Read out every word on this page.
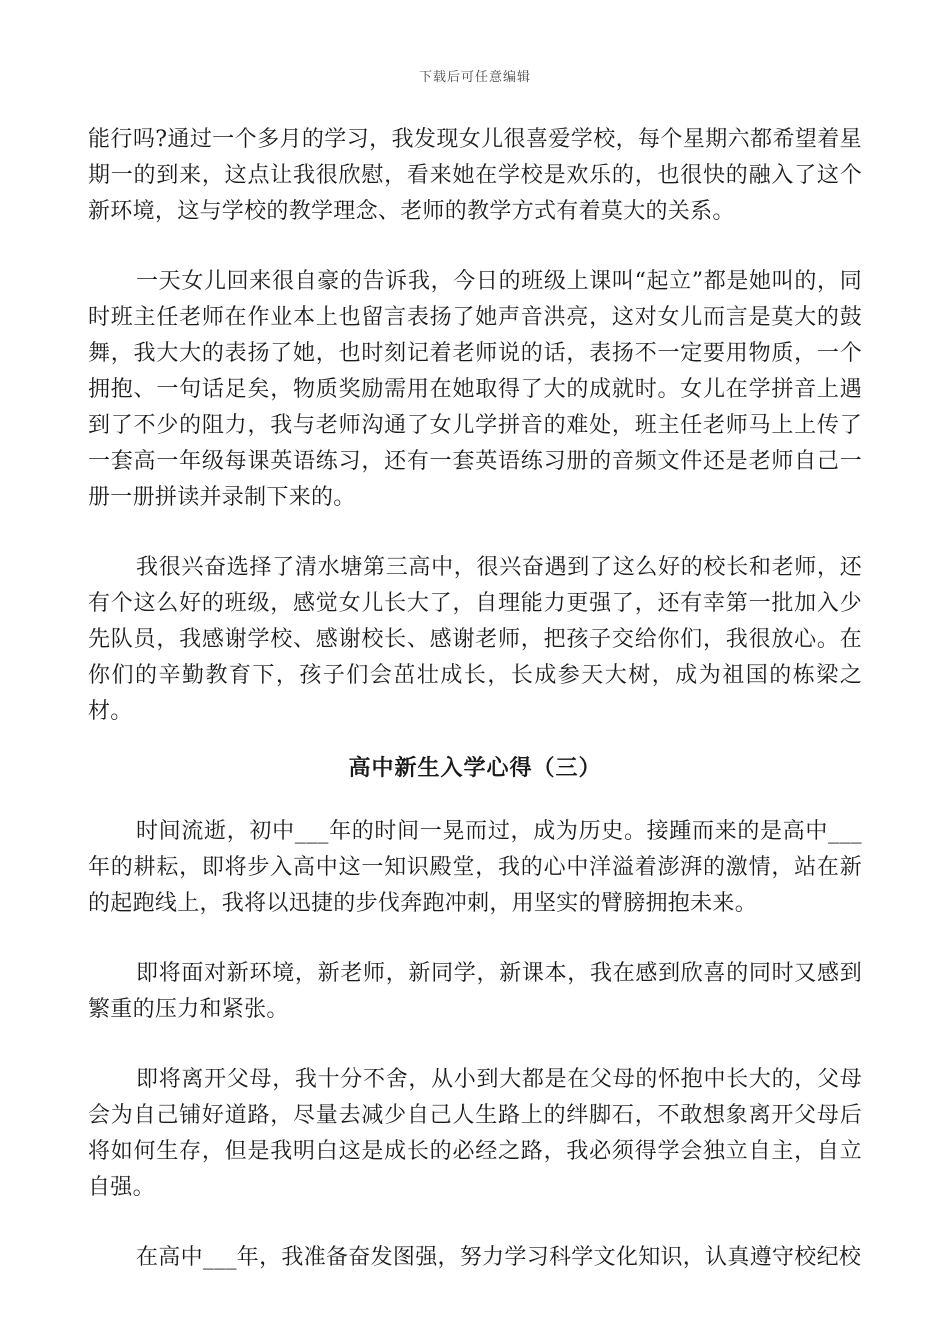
下载后可任意编辑

能行吗?通过一个多月的学习，我发现女儿很喜爱学校，每个星期六都希望着星期一的到来，这点让我很欣慰，看来她在学校是欢乐的，也很快的融入了这个新环境，这与学校的教学理念、老师的教学方式有着莫大的关系。

一天女儿回来很自豪的告诉我，今日的班级上课叫“起立”都是她叫的，同时班主任老师在作业本上也留言表扬了她声音洪亮，这对女儿而言是莫大的鼓舞，我大大的表扬了她，也时刻记着老师说的话，表扬不一定要用物质，一个拥抱、一句话足矣，物质奖励需用在她取得了大的成就时。女儿在学拼音上遇到了不少的阻力，我与老师沟通了女儿学拼音的难处，班主任老师马上上传了一套高一年级每课英语练习，还有一套英语练习册的音频文件还是老师自己一册一册拼读并录制下来的。

我很兴奋选择了清水塘第三高中，很兴奋遇到了这么好的校长和老师，还有个这么好的班级，感觉女儿长大了，自理能力更强了，还有幸第一批加入少先队员，我感谢学校、感谢校长、感谢老师，把孩子交给你们，我很放心。在你们的辛勤教育下，孩子们会茁壮成长，长成参天大树，成为祖国的栋梁之材。

高中新生入学心得（三）

时间流逝，初中___年的时间一晃而过，成为历史。接踵而来的是高中___年的耕耘，即将步入高中这一知识殿堂，我的心中洋溢着澎湃的激情，站在新的起跑线上，我将以迅捷的步伐奔跑冲刺，用坚实的臂膀拥抱未来。

即将面对新环境，新老师，新同学，新课本，我在感到欣喜的同时又感到繁重的压力和紧张。

即将离开父母，我十分不舍，从小到大都是在父母的怀抱中长大的，父母会为自己铺好道路，尽量去减少自己人生路上的绊脚石，不敢想象离开父母后将如何生存，但是我明白这是成长的必经之路，我必须得学会独立自主，自立自强。

在高中___年，我准备奋发图强，努力学习科学文化知识，认真遵守校纪校
